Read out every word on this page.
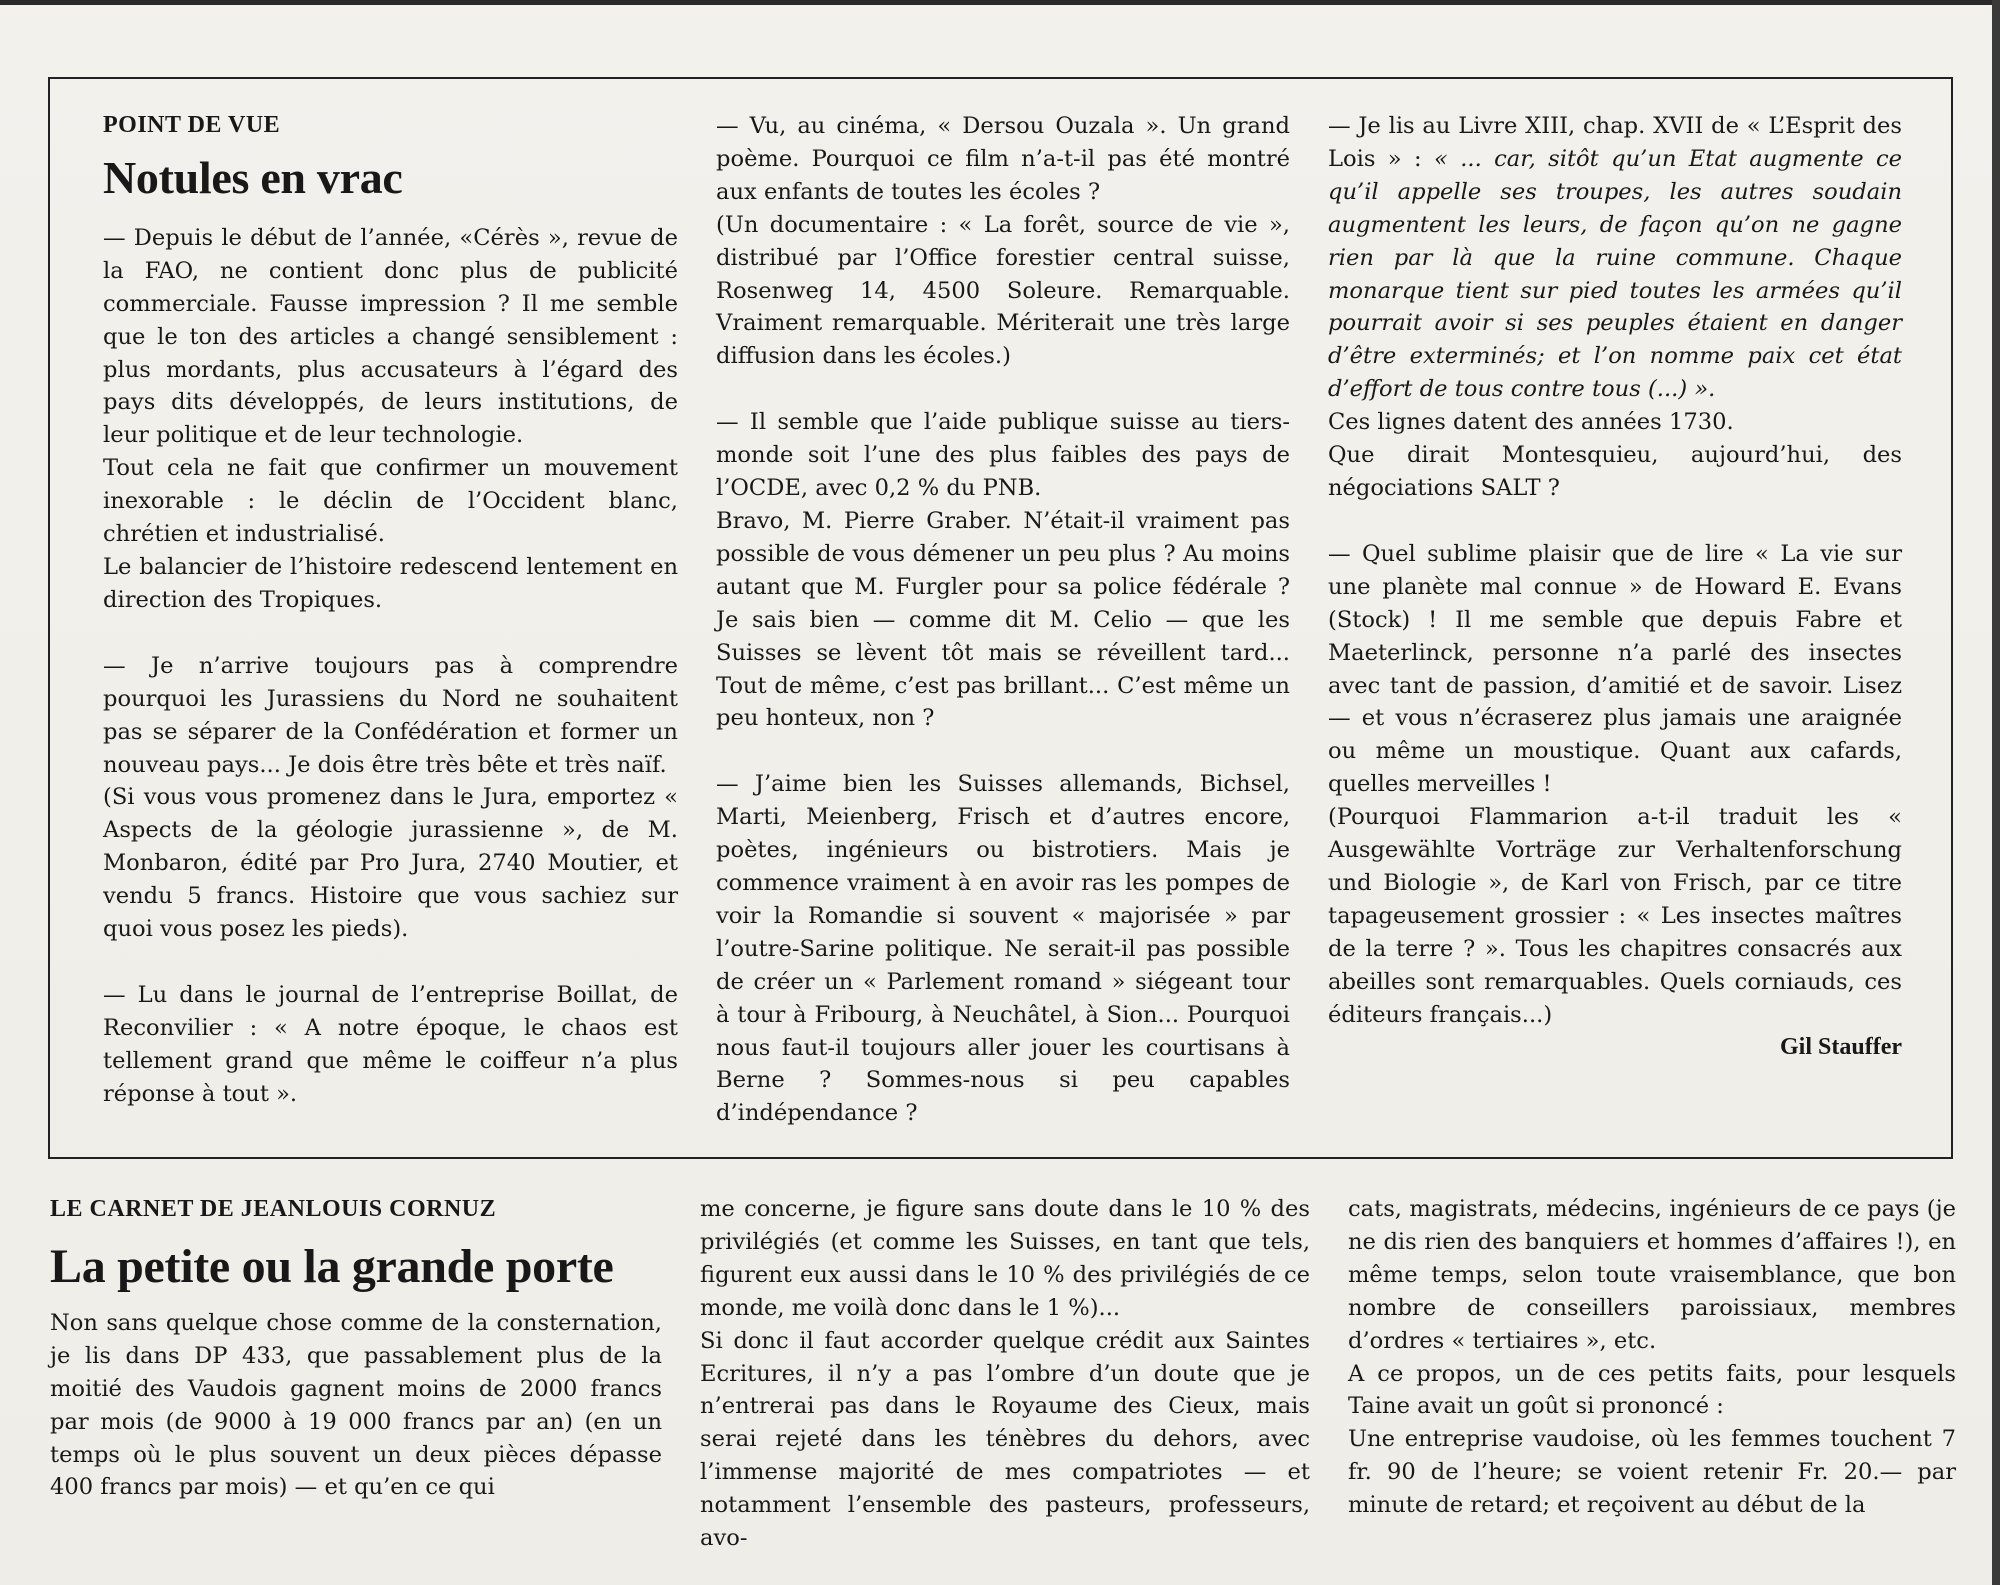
POINT DE VUE

Notules en vrac

— Depuis le début de l’année, «Cérès », revue de la FAO, ne contient donc plus de publicité commerciale. Fausse impression ? Il me semble que le ton des articles a changé sensiblement : plus mordants, plus accusateurs à l’égard des pays dits développés, de leurs institutions, de leur politique et de leur technologie.

Tout cela ne fait que confirmer un mouvement inexorable : le déclin de l’Occident blanc, chrétien et industrialisé.

Le balancier de l’histoire redescend lentement en direction des Tropiques.

— Je n’arrive toujours pas à comprendre pourquoi les Jurassiens du Nord ne souhaitent pas se séparer de la Confédération et former un nouveau pays... Je dois être très bête et très naïf.

(Si vous vous promenez dans le Jura, emportez « Aspects de la géologie jurassienne », de M. Monbaron, édité par Pro Jura, 2740 Moutier, et vendu 5 francs. Histoire que vous sachiez sur quoi vous posez les pieds).

— Lu dans le journal de l’entreprise Boillat, de Reconvilier : « A notre époque, le chaos est tellement grand que même le coiffeur n’a plus réponse à tout ».

— Vu, au cinéma, « Dersou Ouzala ». Un grand poème. Pourquoi ce film n’a-t-il pas été montré aux enfants de toutes les écoles ?

(Un documentaire : « La forêt, source de vie », distribué par l’Office forestier central suisse, Rosenweg 14, 4500 Soleure. Remarquable. Vraiment remarquable. Mériterait une très large diffusion dans les écoles.)

— Il semble que l’aide publique suisse au tiers-monde soit l’une des plus faibles des pays de l’OCDE, avec 0,2 % du PNB.

Bravo, M. Pierre Graber. N’était-il vraiment pas possible de vous démener un peu plus ? Au moins autant que M. Furgler pour sa police fédérale ? Je sais bien — comme dit M. Celio — que les Suisses se lèvent tôt mais se réveillent tard... Tout de même, c’est pas brillant... C’est même un peu honteux, non ?

— J’aime bien les Suisses allemands, Bichsel, Marti, Meienberg, Frisch et d’autres encore, poètes, ingénieurs ou bistrotiers. Mais je commence vraiment à en avoir ras les pompes de voir la Romandie si souvent « majorisée » par l’outre-Sarine politique. Ne serait-il pas possible de créer un « Parlement romand » siégeant tour à tour à Fribourg, à Neuchâtel, à Sion... Pourquoi nous faut-il toujours aller jouer les courtisans à Berne ? Sommes-nous si peu capables d’indépendance ?

— Je lis au Livre XIII, chap. XVII de « L’Esprit des Lois » : « ... car, sitôt qu’un Etat augmente ce qu’il appelle ses troupes, les autres soudain augmentent les leurs, de façon qu’on ne gagne rien par là que la ruine commune. Chaque monarque tient sur pied toutes les armées qu’il pourrait avoir si ses peuples étaient en danger d’être exterminés; et l’on nomme paix cet état d’effort de tous contre tous (...) ».

Ces lignes datent des années 1730.

Que dirait Montesquieu, aujourd’hui, des négociations SALT ?

— Quel sublime plaisir que de lire « La vie sur une planète mal connue » de Howard E. Evans (Stock) ! Il me semble que depuis Fabre et Maeterlinck, personne n’a parlé des insectes avec tant de passion, d’amitié et de savoir. Lisez — et vous n’écraserez plus jamais une araignée ou même un moustique. Quant aux cafards, quelles merveilles !

(Pourquoi Flammarion a-t-il traduit les « Ausgewählte Vorträge zur Verhaltenforschung und Biologie », de Karl von Frisch, par ce titre tapageusement grossier : « Les insectes maîtres de la terre ? ». Tous les chapitres consacrés aux abeilles sont remarquables. Quels corniauds, ces éditeurs français...)

Gil Stauffer

LE CARNET DE JEANLOUIS CORNUZ

La petite ou la grande porte

Non sans quelque chose comme de la consternation, je lis dans DP 433, que passablement plus de la moitié des Vaudois gagnent moins de 2000 francs par mois (de 9000 à 19 000 francs par an) (en un temps où le plus souvent un deux pièces dépasse 400 francs par mois) — et qu’en ce qui

me concerne, je figure sans doute dans le 10 % des privilégiés (et comme les Suisses, en tant que tels, figurent eux aussi dans le 10 % des privilégiés de ce monde, me voilà donc dans le 1 %)...

Si donc il faut accorder quelque crédit aux Saintes Ecritures, il n’y a pas l’ombre d’un doute que je n’entrerai pas dans le Royaume des Cieux, mais serai rejeté dans les ténèbres du dehors, avec l’immense majorité de mes compatriotes — et notamment l’ensemble des pasteurs, professeurs, avo-

cats, magistrats, médecins, ingénieurs de ce pays (je ne dis rien des banquiers et hommes d’affaires !), en même temps, selon toute vraisemblance, que bon nombre de conseillers paroissiaux, membres d’ordres « tertiaires », etc.

A ce propos, un de ces petits faits, pour lesquels Taine avait un goût si prononcé :

Une entreprise vaudoise, où les femmes touchent 7 fr. 90 de l’heure; se voient retenir Fr. 20.— par minute de retard; et reçoivent au début de la
